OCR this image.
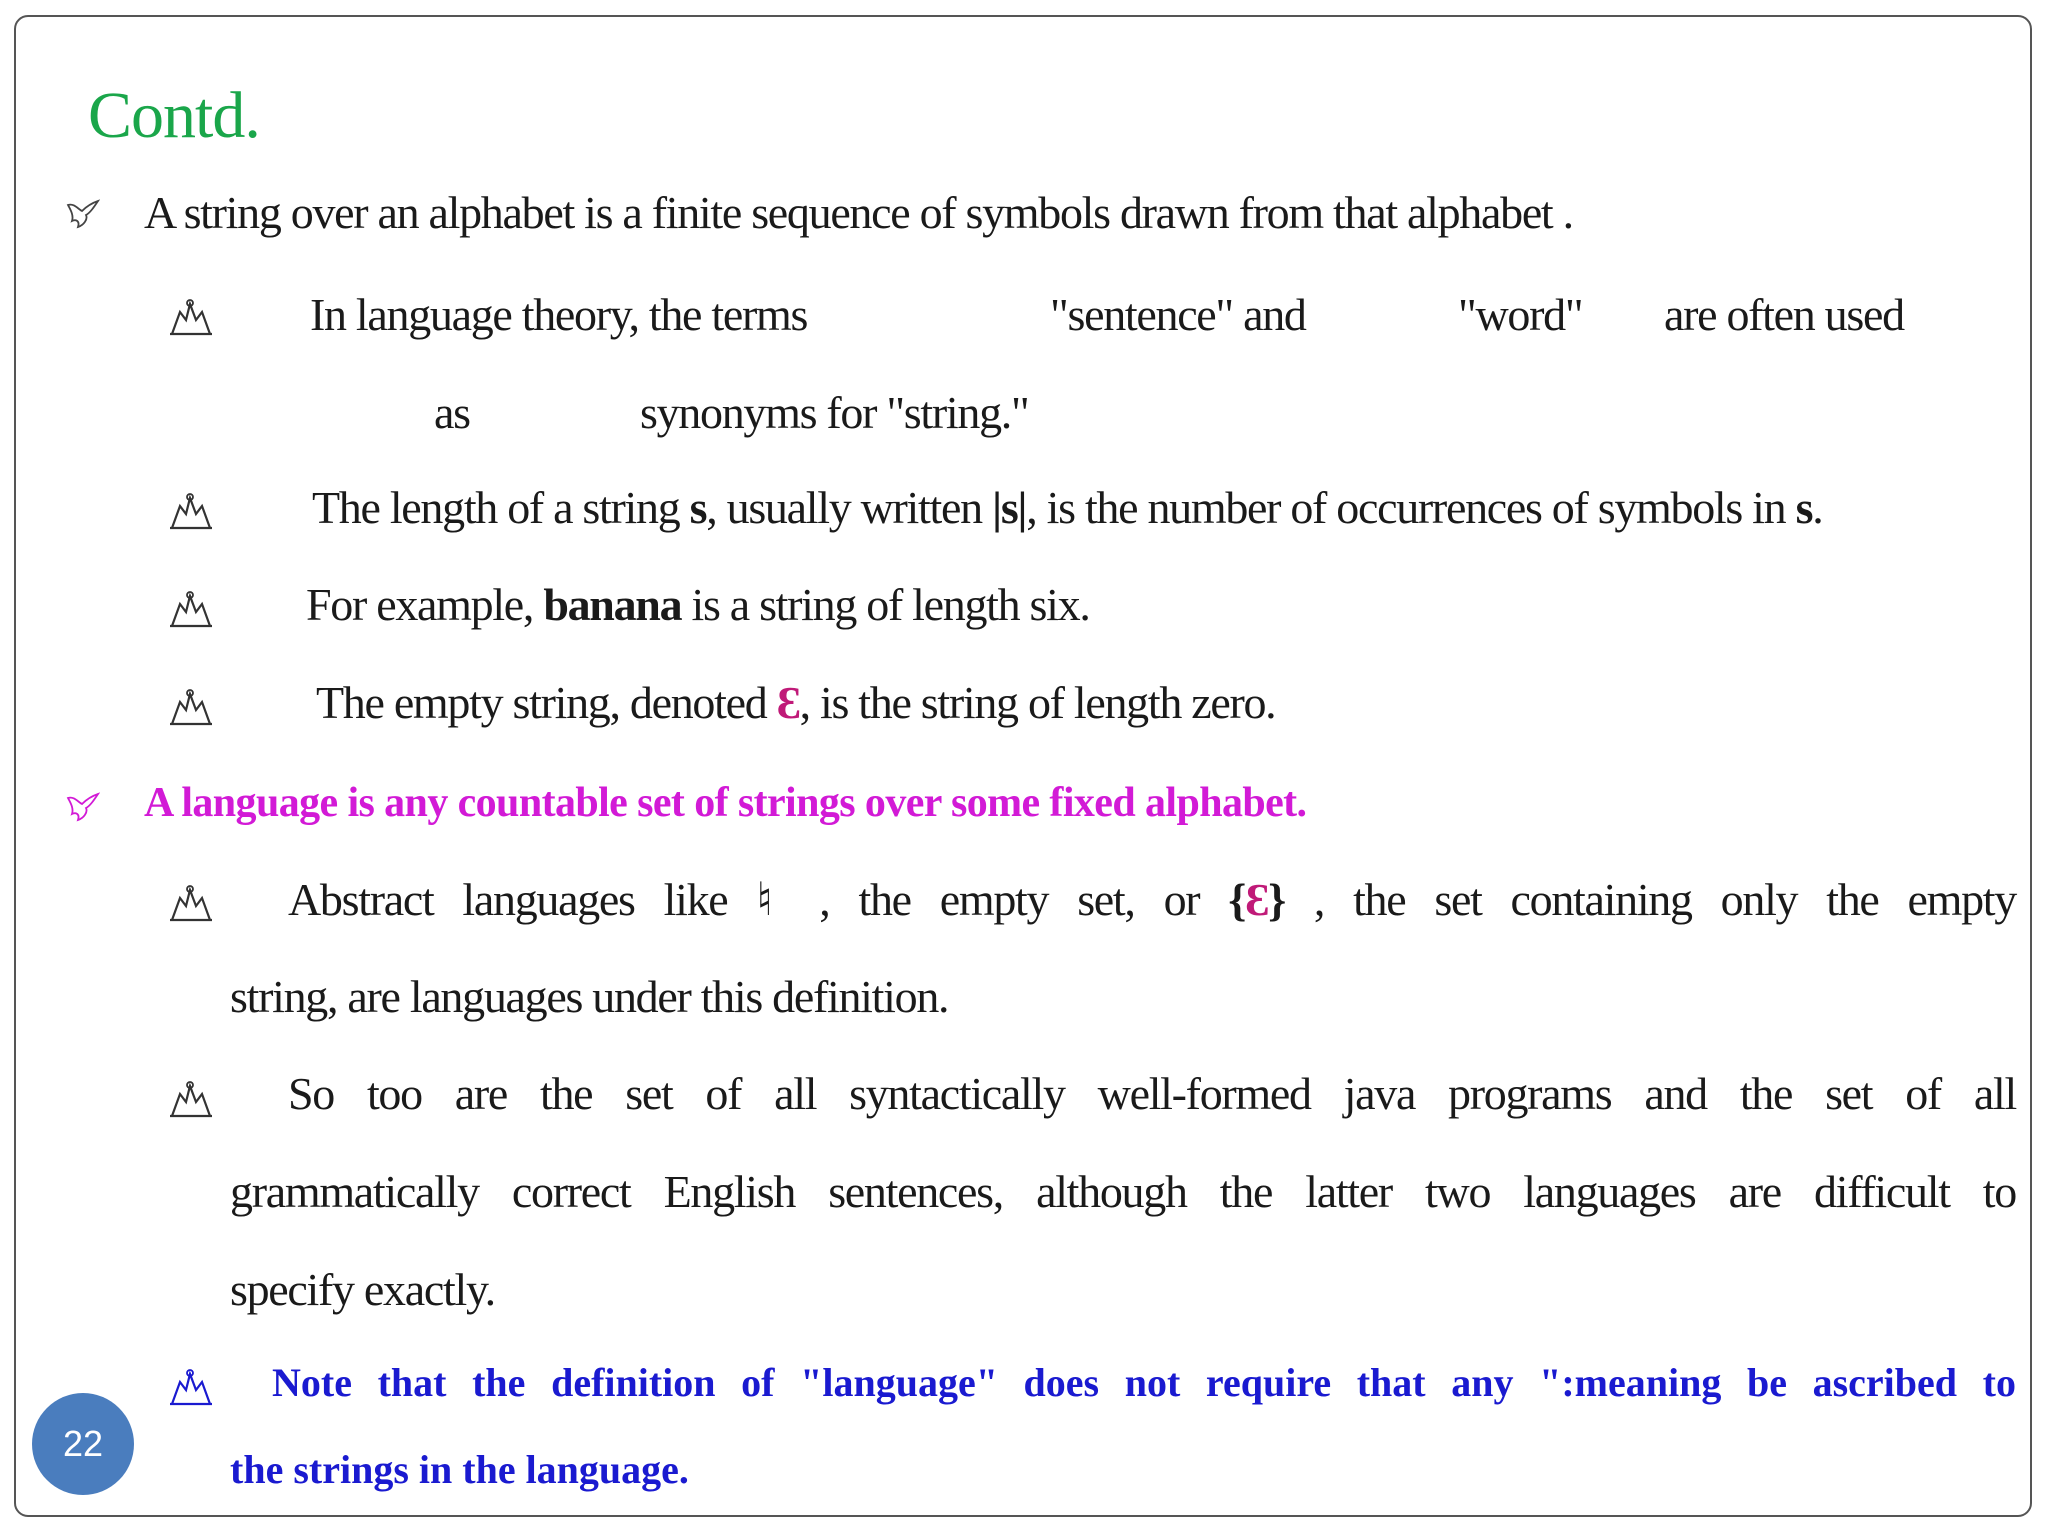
Contd.
A string over an alphabet is a finite sequence of symbols drawn from that alphabet .
In language theory, the terms	"sentence" and	"word" are often used
as	synonyms for "string."
The length of a string s, usually written |s|, is the number of occurrences of symbols in s.
For example, banana is a string of length six.
The empty string, denoted Ɛ, is the string of length zero.
A language is any countable set of strings over some fixed alphabet.
Abstract languages like ♮ , the empty set, or {Ɛ} , the set containing only the empty
string, are languages under this definition.
So too are the set of all syntactically well-formed java programs and the set of all
grammatically correct English sentences, although the latter two languages are difficult to
specify exactly.
Note that the definition of "language" does not require that any ":meaning be ascribed to
the strings in the language.
22
